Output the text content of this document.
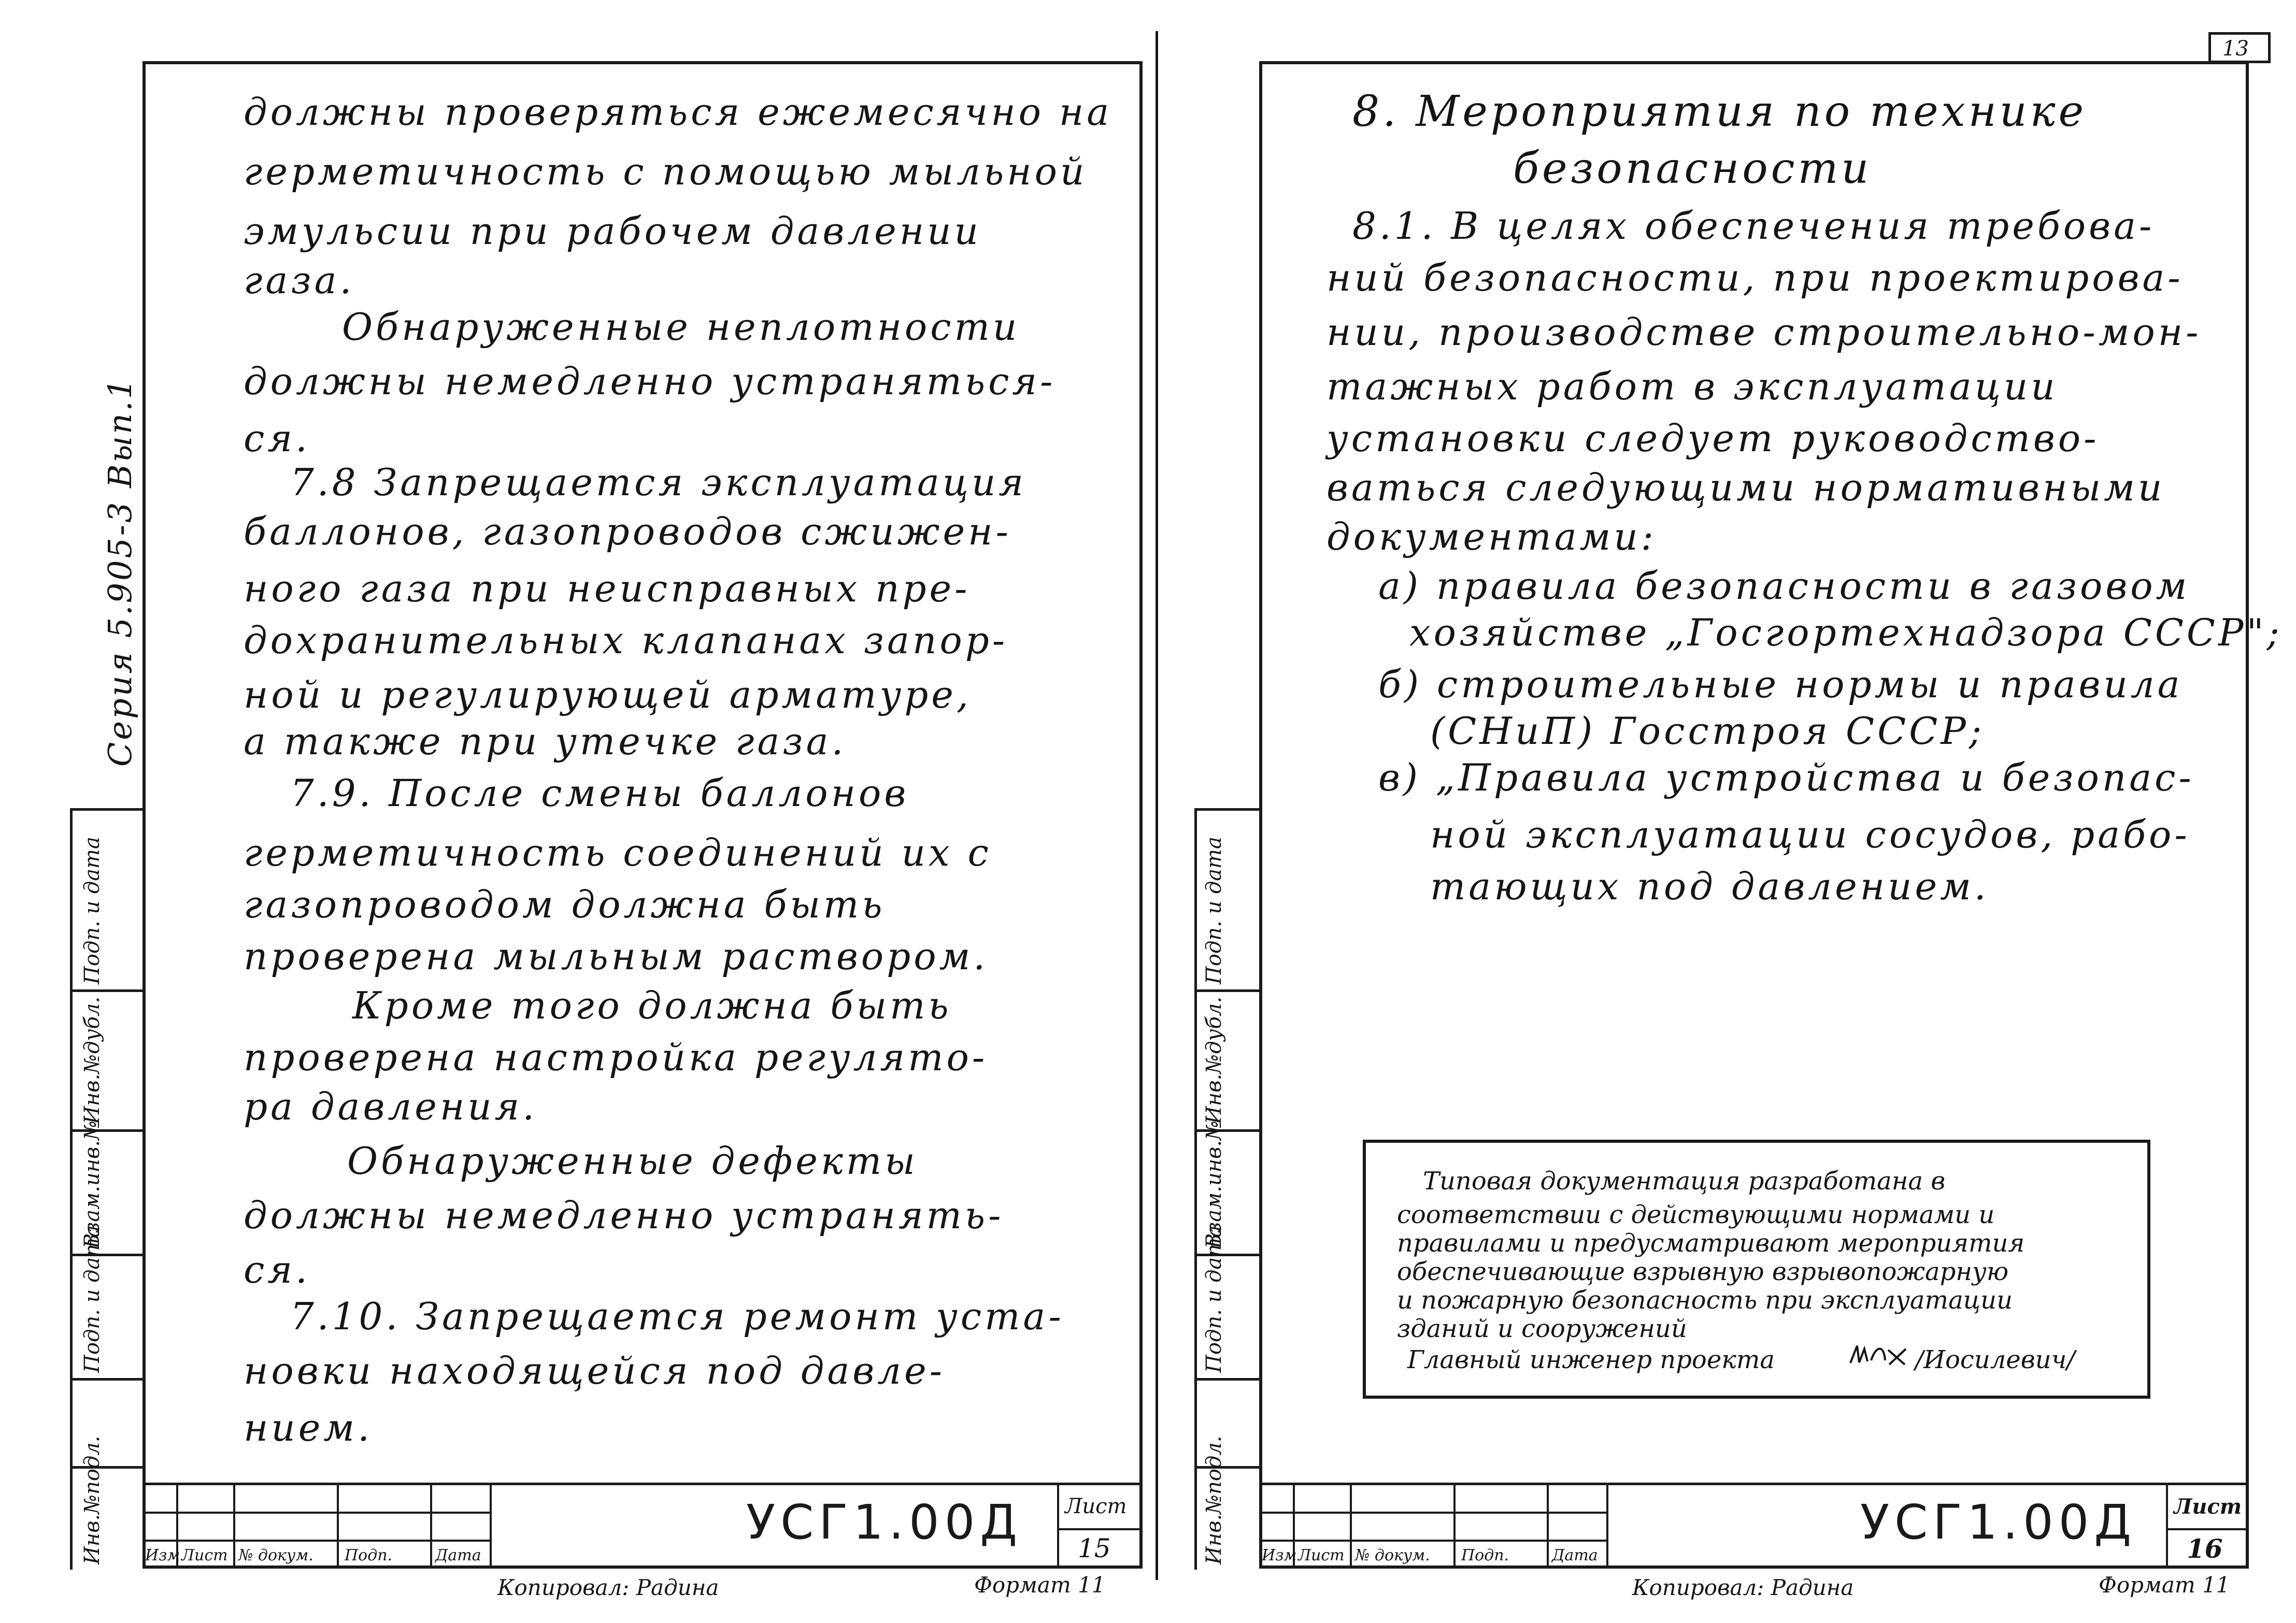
13
Подп. и дата
Инв.№дубл.
Взам.инв.№
Подп. и дата
Инв.№подл.
Серия 5.905-3 Вып.1
должны проверяться ежемесячно на
герметичность с помощью мыльной
эмульсии при рабочем давлении
газа.
Обнаруженные неплотности
должны немедленно устраняться-
ся.
7.8 Запрещается эксплуатация
баллонов, газопроводов сжижен-
ного газа при неисправных пре-
дохранительных клапанах запор-
ной и регулирующей арматуре,
а также при утечке газа.
7.9. После смены баллонов
герметичность соединений их с
газопроводом должна быть
проверена мыльным раствором.
Кроме того должна быть
проверена настройка регулято-
ра давления.
Обнаруженные дефекты
должны немедленно устранять-
ся.
7.10. Запрещается ремонт уста-
новки находящейся под давле-
нием.
Изм Лист № докум. Подп.	Дата
УСГ1.00Д Лист
15
Копировал: Радина	Формат 11
Подп. и дата
Инв.№дубл.
Взам.инв.№
Подп. и дата
Инв.№подл.
8. Мероприятия по технике
безопасности
8.1. В целях обеспечения требова-
ний безопасности, при проектирова-
нии, производстве строительно-мон-
тажных работ в эксплуатации
установки следует руководство-
ваться следующими нормативными
документами:
а) правила безопасности в газовом
хозяйстве „Госгортехнадзора СССР";
б) строительные нормы и правила
(СНиП) Госстроя СССР;
в) „Правила устройства и безопас-
ной эксплуатации сосудов, рабо-
тающих под давлением.
Типовая документация разработана в
соответствии с действующими нормами и
правилами и предусматривают мероприятия
обеспечивающие взрывную взрывопожарную
и пожарную безопасность при эксплуатации
зданий и сооружений
Главный инженер проекта	/Иосилевич/
Изм Лист № докум. Подп.	Дата
УСГ1.00Д Лист
16
Копировал: Радина	Формат 11
